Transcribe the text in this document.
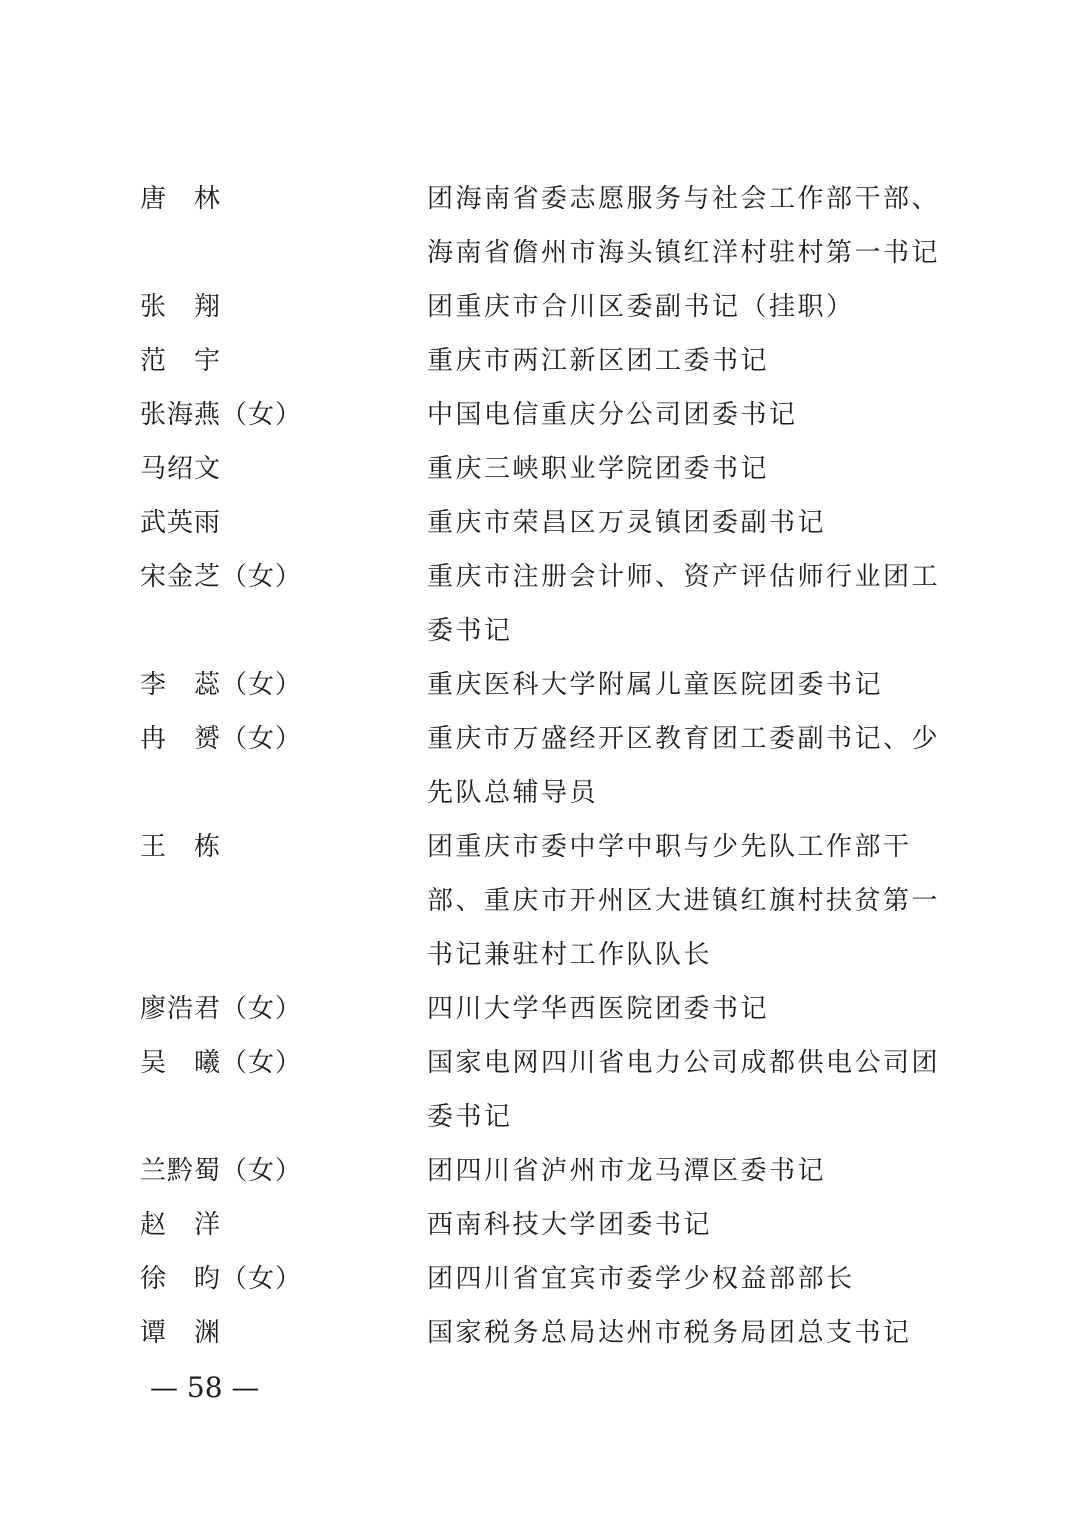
唐　林	团海南省委志愿服务与社会工作部干部、
海南省儋州市海头镇红洋村驻村第一书记
张　翔	团重庆市合川区委副书记（挂职）
范　宇	重庆市两江新区团工委书记
张海燕（女）	中国电信重庆分公司团委书记
马绍文	重庆三峡职业学院团委书记
武英雨	重庆市荣昌区万灵镇团委副书记
宋金芝（女）	重庆市注册会计师、资产评估师行业团工
委书记
李　蕊（女）	重庆医科大学附属儿童医院团委书记
冉　赟（女）	重庆市万盛经开区教育团工委副书记、少
先队总辅导员
王　栋	团重庆市委中学中职与少先队工作部干
部、重庆市开州区大进镇红旗村扶贫第一
书记兼驻村工作队队长
廖浩君（女）	四川大学华西医院团委书记
吴　曦（女）	国家电网四川省电力公司成都供电公司团
委书记
兰黔蜀（女）	团四川省泸州市龙马潭区委书记
赵　洋	西南科技大学团委书记
徐　昀（女）	团四川省宜宾市委学少权益部部长
谭　渊	国家税务总局达州市税务局团总支书记
— 58 —
